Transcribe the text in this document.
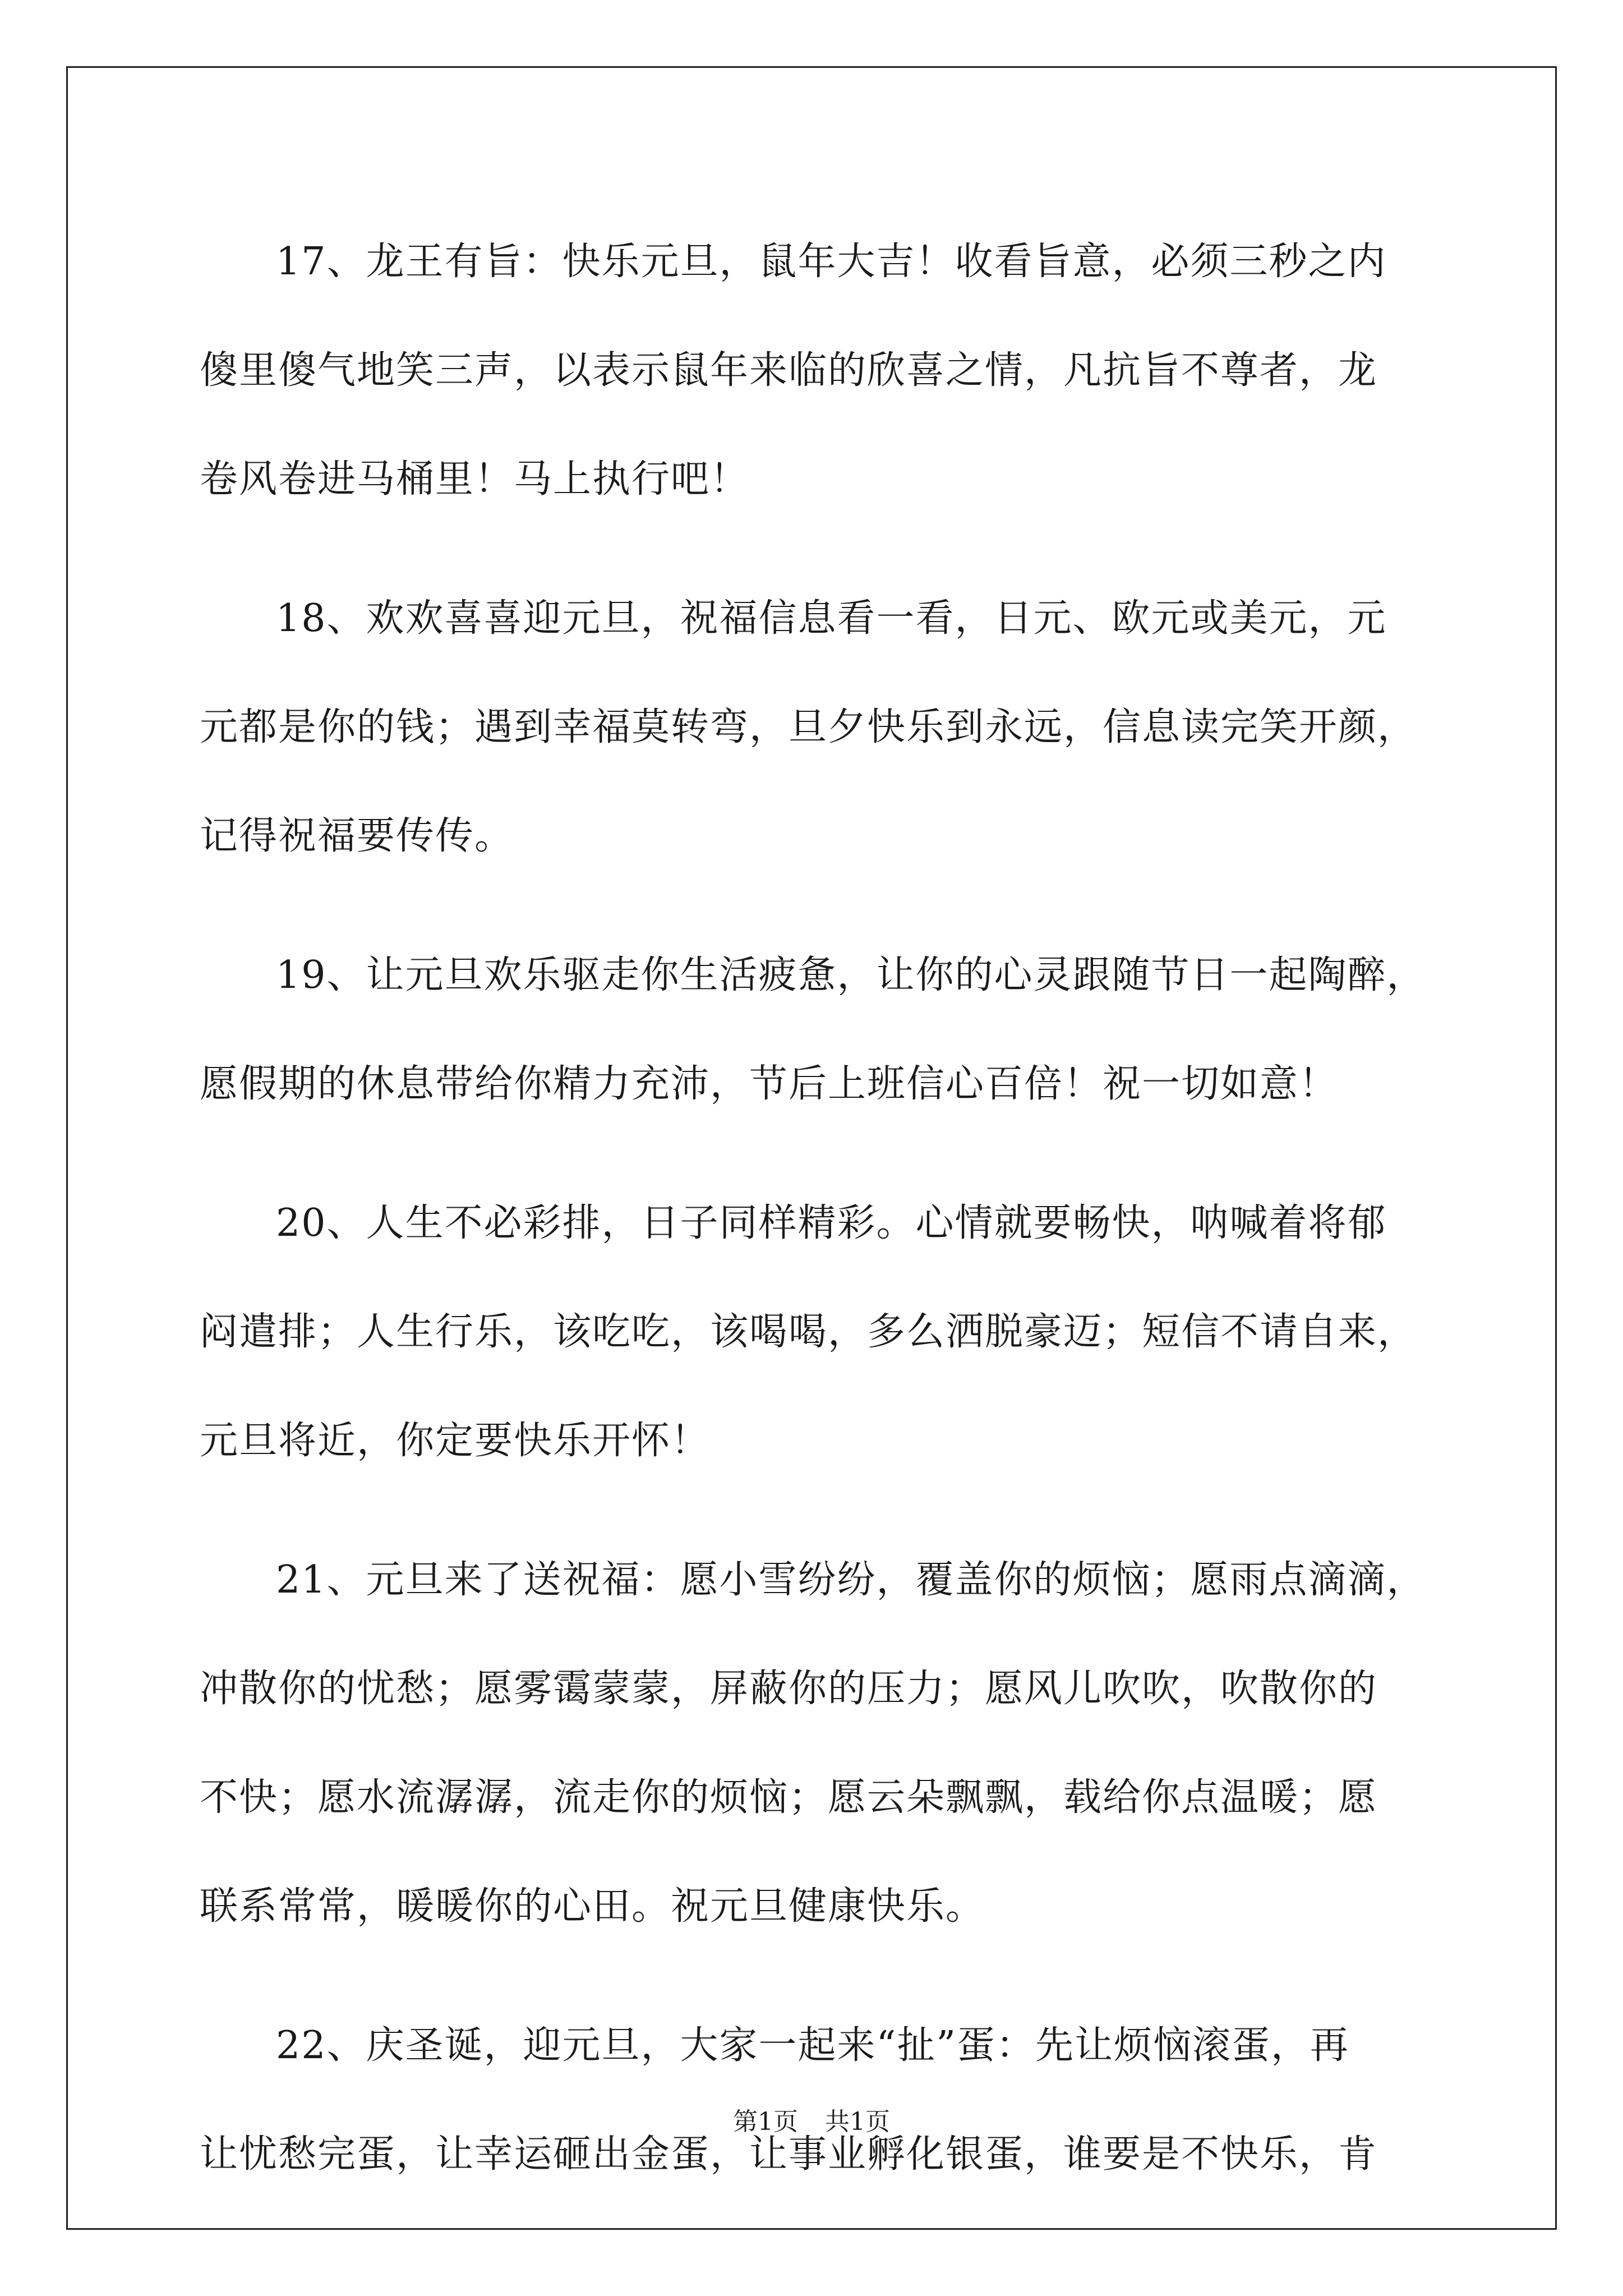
17、龙王有旨：快乐元旦，鼠年大吉！收看旨意，必须三秒之内
傻里傻气地笑三声，以表示鼠年来临的欣喜之情，凡抗旨不尊者，龙
卷风卷进马桶里！马上执行吧！

18、欢欢喜喜迎元旦，祝福信息看一看，日元、欧元或美元，元
元都是你的钱；遇到幸福莫转弯，旦夕快乐到永远，信息读完笑开颜，
记得祝福要传传。

19、让元旦欢乐驱走你生活疲惫，让你的心灵跟随节日一起陶醉，
愿假期的休息带给你精力充沛，节后上班信心百倍！祝一切如意！

20、人生不必彩排，日子同样精彩。心情就要畅快，呐喊着将郁
闷遣排；人生行乐，该吃吃，该喝喝，多么洒脱豪迈；短信不请自来，
元旦将近，你定要快乐开怀！

21、元旦来了送祝福：愿小雪纷纷，覆盖你的烦恼；愿雨点滴滴，
冲散你的忧愁；愿雾霭蒙蒙，屏蔽你的压力；愿风儿吹吹，吹散你的
不快；愿水流潺潺，流走你的烦恼；愿云朵飘飘，载给你点温暖；愿
联系常常，暖暖你的心田。祝元旦健康快乐。

22、庆圣诞，迎元旦，大家一起来“扯”蛋：先让烦恼滚蛋，再
让忧愁完蛋，让幸运砸出金蛋，让事业孵化银蛋，谁要是不快乐，肯

第1页 共1页
